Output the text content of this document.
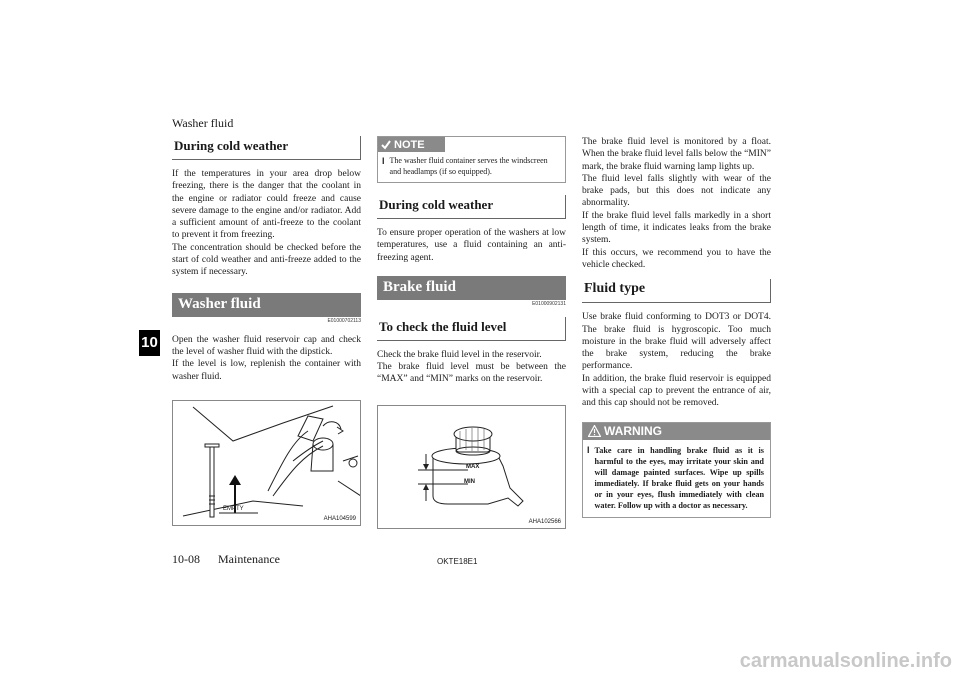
Washer fluid
10
During cold weather

If the temperatures in your area drop below freezing, there is the danger that the coolant in the engine or radiator could freeze and cause severe damage to the engine and/or radiator. Add a sufficient amount of anti-freeze to the coolant to prevent it from freezing.

The concentration should be checked before the start of cold weather and anti-freeze added to the system if necessary.

Washer fluid
E01000702113

Open the washer fluid reservoir cap and check the level of washer fluid with the dipstick.

If the level is low, replenish the container with washer fluid.

EMPTY
AHA104599
NOTE
l The washer fluid container serves the windscreen and headlamps (if so equipped).
During cold weather

To ensure proper operation of the washers at low temperatures, use a fluid containing an anti-freezing agent.

Brake fluid
E01000902131
To check the fluid level

Check the brake fluid level in the reservoir.

The brake fluid level must be between the “MAX” and “MIN” marks on the reservoir.

MAX
MIN
AHA102566

The brake fluid level is monitored by a float. When the brake fluid level falls below the “MIN” mark, the brake fluid warning lamp lights up.

The fluid level falls slightly with wear of the brake pads, but this does not indicate any abnormality.

If the brake fluid level falls markedly in a short length of time, it indicates leaks from the brake system.

If this occurs, we recommend you to have the vehicle checked.

Fluid type

Use brake fluid conforming to DOT3 or DOT4. The brake fluid is hygroscopic. Too much moisture in the brake fluid will adversely affect the brake system, reducing the brake performance.

In addition, the brake fluid reservoir is equipped with a special cap to prevent the entrance of air, and this cap should not be removed.

WARNING
l Take care in handling brake fluid as it is harmful to the eyes, may irritate your skin and will damage painted surfaces. Wipe up spills immediately. If brake fluid gets on your hands or in your eyes, flush immediately with clean water. Follow up with a doctor as necessary.
10-08 Maintenance	OKTE18E1
carmanualsonline.info
